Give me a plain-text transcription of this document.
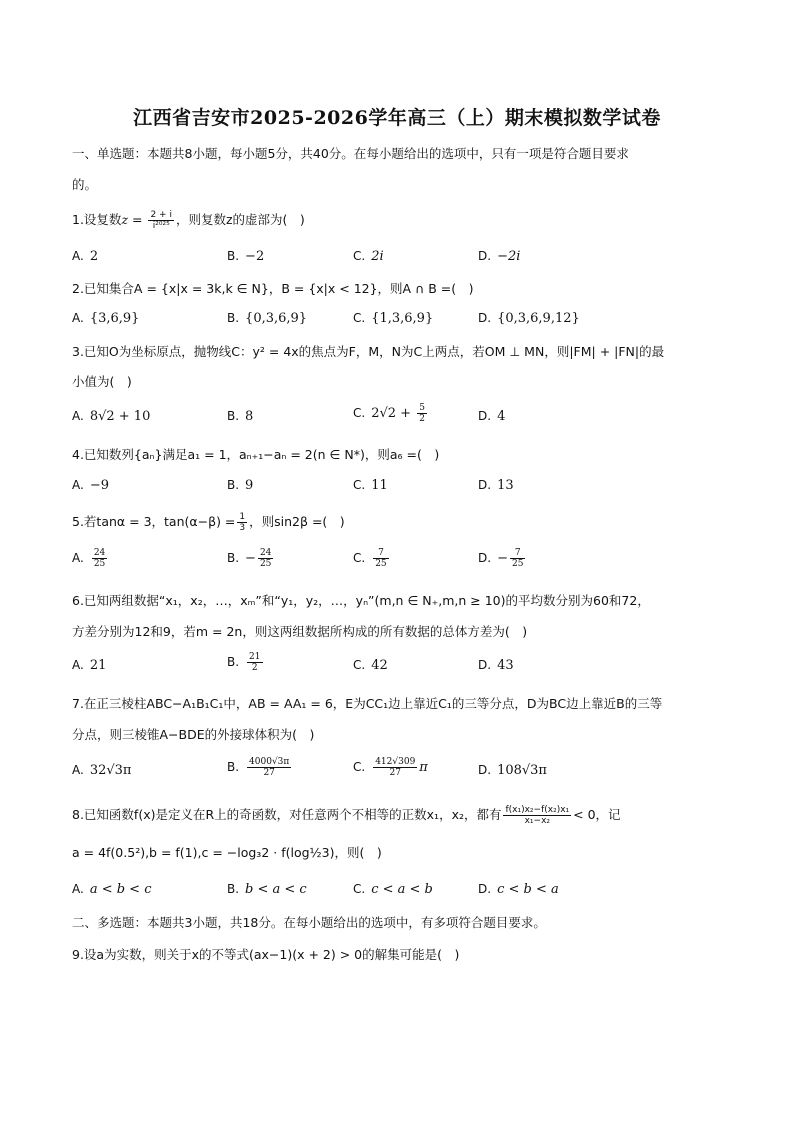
江西省吉安市2025-2026学年高三（上）期末模拟数学试卷
一、单选题：本题共8小题，每小题5分，共40分。在每小题给出的选项中，只有一项是符合题目要求
的。
1.设复数$z = \frac{2 + i}{\text{i²⁰²⁵}}$ ，则复数z的虚部为(　)
A. 2	B. −2	C. 2i	D. −2i
2.已知集合A = {x|x = 3k,k ∈ N}，B = {x|x < 12}，则A ∩ B =(　)
A. {3,6,9}	B. {0,3,6,9}	C. {1,3,6,9}	D. {0,3,6,9,12}
3.已知O为坐标原点，抛物线C：y² = 4x的焦点为F，M，N为C上两点，若OM ⊥ MN，则|FM| + |FN|的最
小值为(　)
A. 8√2 + 10	B. 8	C. $2√2 + \frac{5}{2}$	D. 4
4.已知数列{aₙ}满足a₁ = 1，aₙ₊₁−aₙ = 2(n ∈ N*)，则a₆ =(　)
A. −9	B. 9	C. 11	D. 13
5.若tanα = 3，$\tan(\alpha-\beta) = \frac{1}{3}$ ，则sin2β =(　)
A. $\frac{24}{25}$	B. − $\frac{24}{25}$	C. $\frac{7}{25}$	D. − $\frac{7}{25}$
6.已知两组数据“x₁，x₂，…，xₘ”和“y₁，y₂，…，yₙ”(m,n ∈ N₊,m,n ≥ 10)的平均数分别为60和72，
方差分别为12和9，若m = 2n，则这两组数据所构成的所有数据的总体方差为(　)
A. 21	B. $\frac{21}{2}$	C. 42	D. 43
7.在正三棱柱ABC−A₁B₁C₁中，AB = AA₁ = 6，E为CC₁边上靠近C₁的三等分点，D为BC边上靠近B的三等
分点，则三棱锥A−BDE的外接球体积为(　)
A. 32√3π	B. $\frac{4000√3\pi}{27}$	C. $\frac{412√309}{27}$ π	D. 108√3π
8.已知函数f(x)是定义在R上的奇函数，对任意两个不相等的正数x₁，x₂，都有 $\frac{\text{f(x₁)x₂−f(x₂)x₁}}{\text{x₁−x₂}} < 0$，记
a = 4f(0.5²),b = f(1),c = −log₃2 · f(log½3)，则(　)
A. a < b < c	B. b < a < c	C. c < a < b	D. c < b < a
二、多选题：本题共3小题，共18分。在每小题给出的选项中，有多项符合题目要求。
9.设a为实数，则关于x的不等式(ax−1)(x + 2) > 0的解集可能是(　)
